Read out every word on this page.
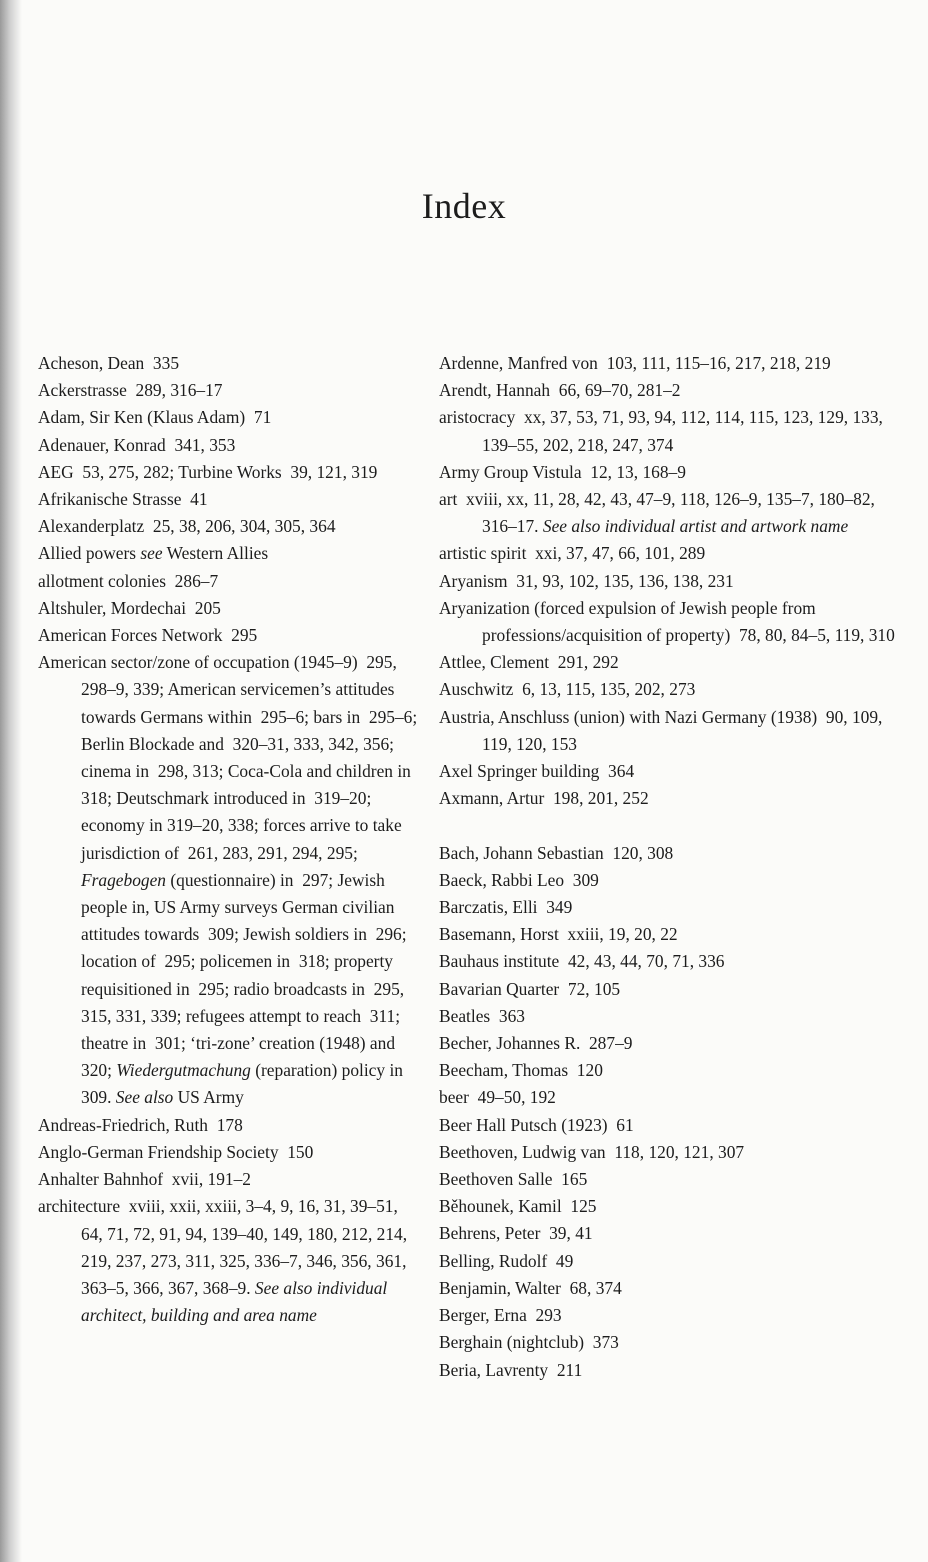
Index

Acheson, Dean  335

Ackerstrasse  289, 316–17

Adam, Sir Ken (Klaus Adam)  71

Adenauer, Konrad  341, 353

AEG  53, 275, 282; Turbine Works  39, 121, 319

Afrikanische Strasse  41

Alexanderplatz  25, 38, 206, 304, 305, 364

Allied powers see Western Allies

allotment colonies  286–7

Altshuler, Mordechai  205

American Forces Network  295

American sector/zone of occupation (1945–9)  295, 298–9, 339; American servicemen’s attitudes towards Germans within  295–6; bars in  295–6; Berlin Blockade and  320–31, 333, 342, 356; cinema in  298, 313; Coca-Cola and children in  318; Deutschmark introduced in  319–20; economy in 319–20, 338; forces arrive to take jurisdiction of  261, 283, 291, 294, 295; Fragebogen (questionnaire) in  297; Jewish people in, US Army surveys German civilian attitudes towards  309; Jewish soldiers in  296; location of  295; policemen in  318; property requisitioned in  295; radio broadcasts in  295, 315, 331, 339; refugees attempt to reach  311; theatre in  301; ‘tri-zone’ creation (1948) and  320; Wiedergutmachung (reparation) policy in 309. See also US Army

Andreas-Friedrich, Ruth  178

Anglo-German Friendship Society  150

Anhalter Bahnhof  xvii, 191–2

architecture  xviii, xxii, xxiii, 3–4, 9, 16, 31, 39–51, 64, 71, 72, 91, 94, 139–40, 149, 180, 212, 214, 219, 237, 273, 311, 325, 336–7, 346, 356, 361, 363–5, 366, 367, 368–9. See also individual architect, building and area name

Ardenne, Manfred von  103, 111, 115–16, 217, 218, 219

Arendt, Hannah  66, 69–70, 281–2

aristocracy  xx, 37, 53, 71, 93, 94, 112, 114, 115, 123, 129, 133, 139–55, 202, 218, 247, 374

Army Group Vistula  12, 13, 168–9

art  xviii, xx, 11, 28, 42, 43, 47–9, 118, 126–9, 135–7, 180–82, 316–17. See also individual artist and artwork name

artistic spirit  xxi, 37, 47, 66, 101, 289

Aryanism  31, 93, 102, 135, 136, 138, 231

Aryanization (forced expulsion of Jewish people from professions/acquisition of property)  78, 80, 84–5, 119, 310

Attlee, Clement  291, 292

Auschwitz  6, 13, 115, 135, 202, 273

Austria, Anschluss (union) with Nazi Germany (1938)  90, 109, 119, 120, 153

Axel Springer building  364

Axmann, Artur  198, 201, 252

Bach, Johann Sebastian  120, 308

Baeck, Rabbi Leo  309

Barczatis, Elli  349

Basemann, Horst  xxiii, 19, 20, 22

Bauhaus institute  42, 43, 44, 70, 71, 336

Bavarian Quarter  72, 105

Beatles  363

Becher, Johannes R.  287–9

Beecham, Thomas  120

beer  49–50, 192

Beer Hall Putsch (1923)  61

Beethoven, Ludwig van  118, 120, 121, 307

Beethoven Salle  165

Běhounek, Kamil  125

Behrens, Peter  39, 41

Belling, Rudolf  49

Benjamin, Walter  68, 374

Berger, Erna  293

Berghain (nightclub)  373

Beria, Lavrenty  211
